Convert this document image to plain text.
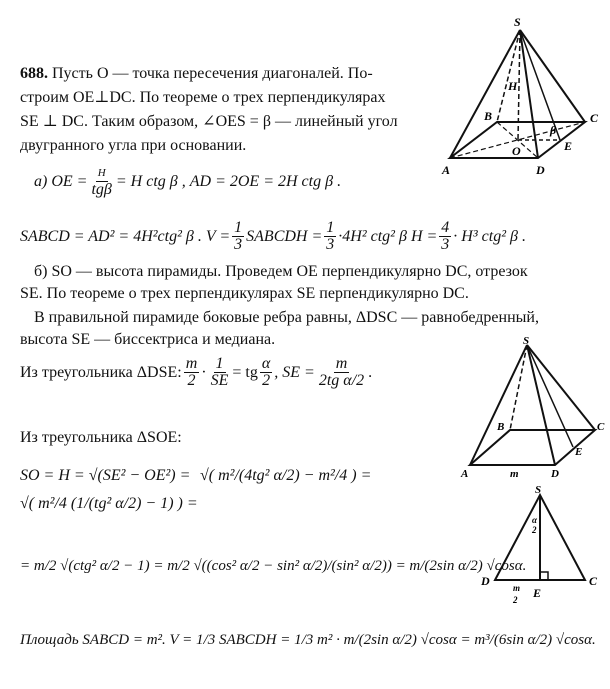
688. Пусть O — точка пересечения диагоналей. По-
строим OE⊥DC. По теореме о трех перпендикулярах
SE ⊥ DC. Таким образом, ∠OES = β — линейный угол
двугранного угла при основании.
а) OE = $\frac{H}{\text{tgβ}} = H$ ctg β , AD = 2OE = 2H ctg β .
SABCD = AD² = 4H²ctg² β . $V = \frac{1}{3}$ SABCDH = $\frac{1}{3} \cdot 4H^2$ ctg² β $H = \frac{4}{3} \cdot H^3$ ctg² β .
б) SO — высота пирамиды. Проведем OE перпендикулярно DC, отрезок
SE. По теореме о трех перпендикулярах SE перпендикулярно DC.
В правильной пирамиде боковые ребра равны, ΔDSC — равнобедренный,
высота SE — биссектриса и медиана.
Из треугольника ΔDSE: $\frac{m}{2} \cdot \frac{1}{SE}$ = tg $\frac{\alpha}{2}$ , SE = $\frac{m}{\text{2tg α/2}}$ .
Из треугольника ΔSOE:
SO = H = √(SE² − OE²) = √( m²/(4tg² α/2) − m²/4 ) =
√( m²/4 (1/(tg² α/2) − 1) ) =
= m/2 √(ctg² α/2 − 1) = m/2 √((cos² α/2 − sin² α/2)/(sin² α/2)) = m/(2sin α/2) √cosα.
Площадь SABCD = m². V = 1/3 SABCDH = 1/3 m² · m/(2sin α/2) √cosα = m³/(6sin α/2) √cosα.
S
H
B	C
O
β
E
A	D
S
B	C
A	m	D
E
S
α
2
D
E
C
m
2
